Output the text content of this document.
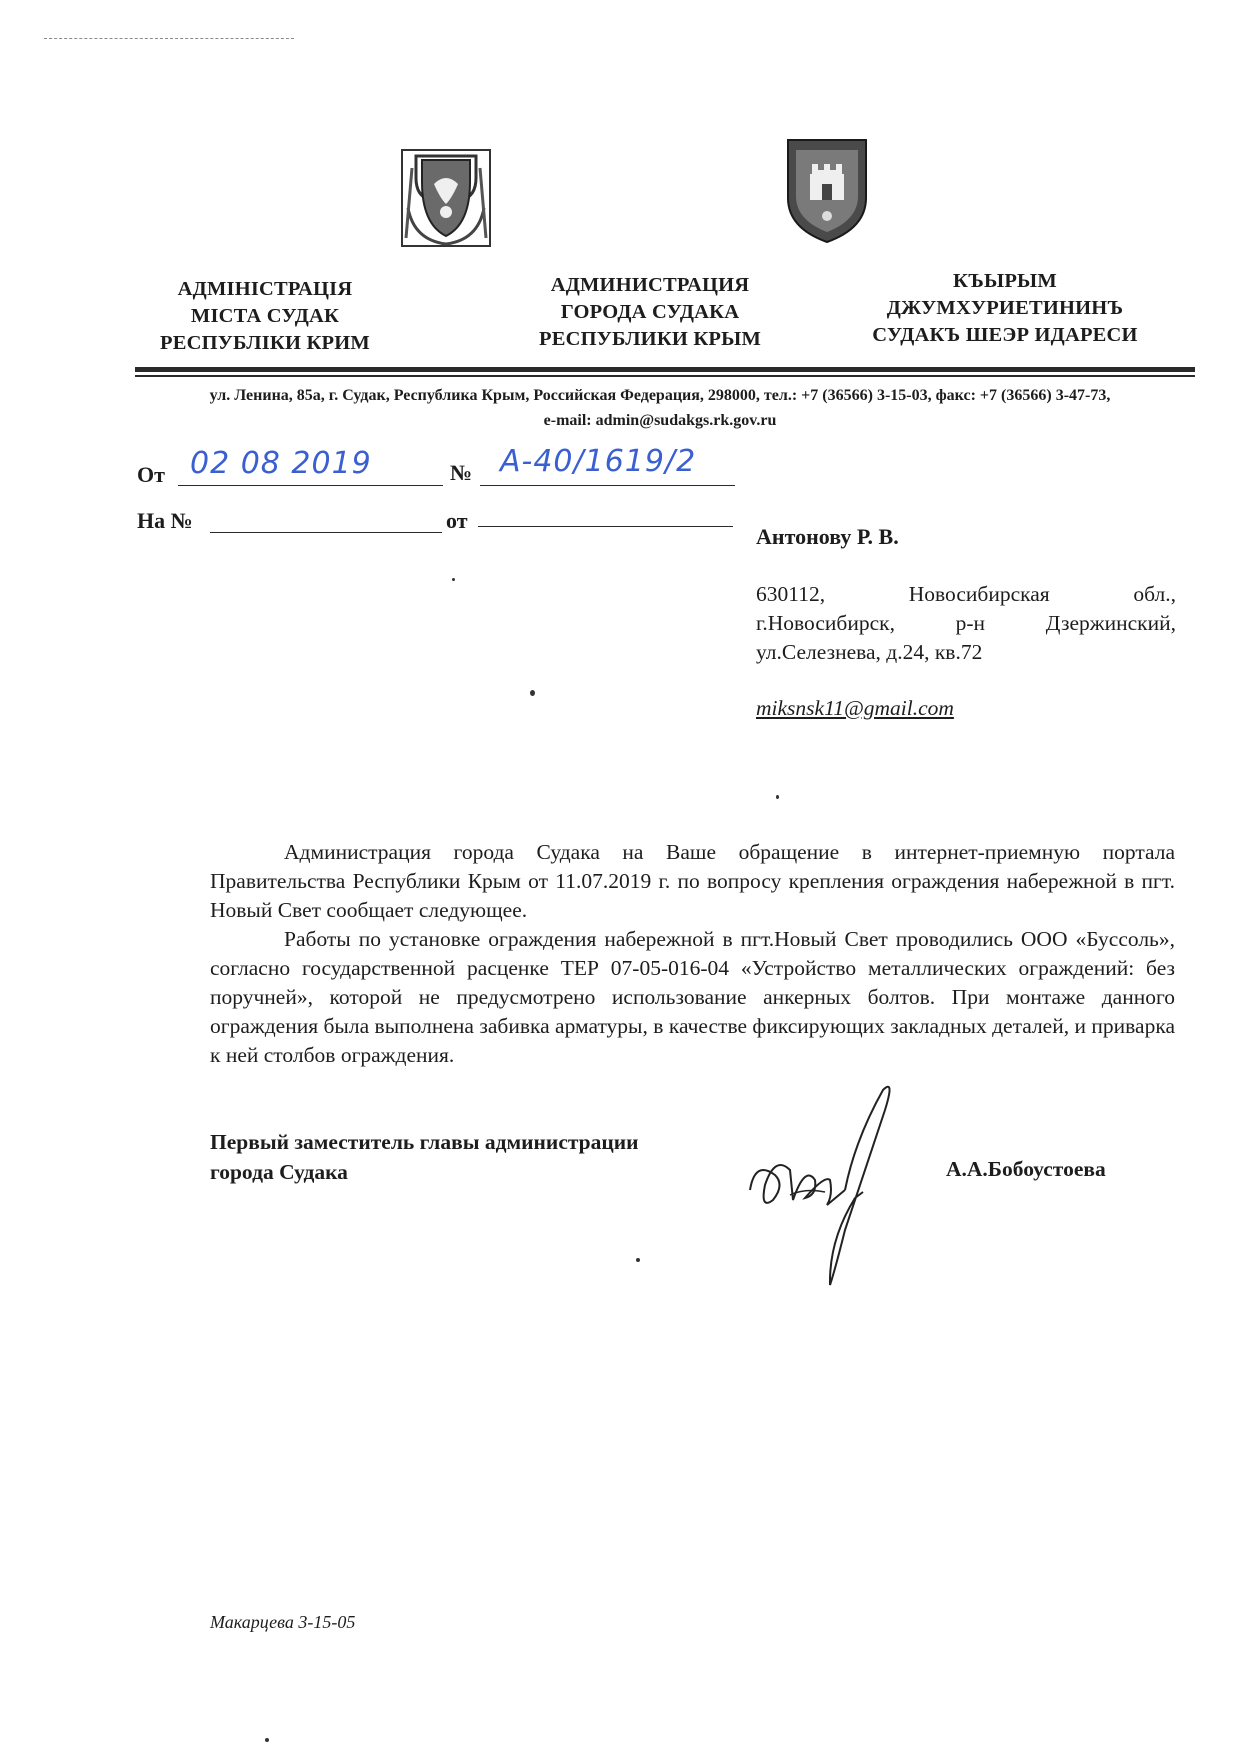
АДМІНІСТРАЦІЯ
МІСТА СУДАК
РЕСПУБЛІКИ КРИМ
АДМИНИСТРАЦИЯ
ГОРОДА СУДАКА
РЕСПУБЛИКИ КРЫМ
КЪЫРЫМ
ДЖУМХУРИЕТИНИНЪ
СУДАКЪ ШЕЭР ИДАРЕСИ
ул. Ленина, 85а, г. Судак, Республика Крым, Российская Федерация, 298000, тел.: +7 (36566) 3-15-03, факс: +7 (36566) 3-47-73,
e-mail: admin@sudakgs.rk.gov.ru
От 02 08 2019	№ А-40/1619/2
На №	от
Антонову Р. В.
630112, Новосибирская обл.,
г.Новосибирск, р-н Дзержинский,
ул.Селезнева, д.24, кв.72
miksnsk11@gmail.com

Администрация города Судака на Ваше обращение в интернет-приемную портала Правительства Республики Крым от 11.07.2019 г. по вопросу крепления ограждения набережной в пгт. Новый Свет сообщает следующее.

Работы по установке ограждения набережной в пгт.Новый Свет проводились ООО «Буссоль», согласно государственной расценке ТЕР 07-05-016-04 «Устройство металлических ограждений: без поручней», которой не предусмотрено использование анкерных болтов. При монтаже данного ограждения была выполнена забивка арматуры, в качестве фиксирующих закладных деталей, и приварка к ней столбов ограждения.

Первый заместитель главы администрации
города Судака	А.А.Бобоустоева
Макарцева 3-15-05
